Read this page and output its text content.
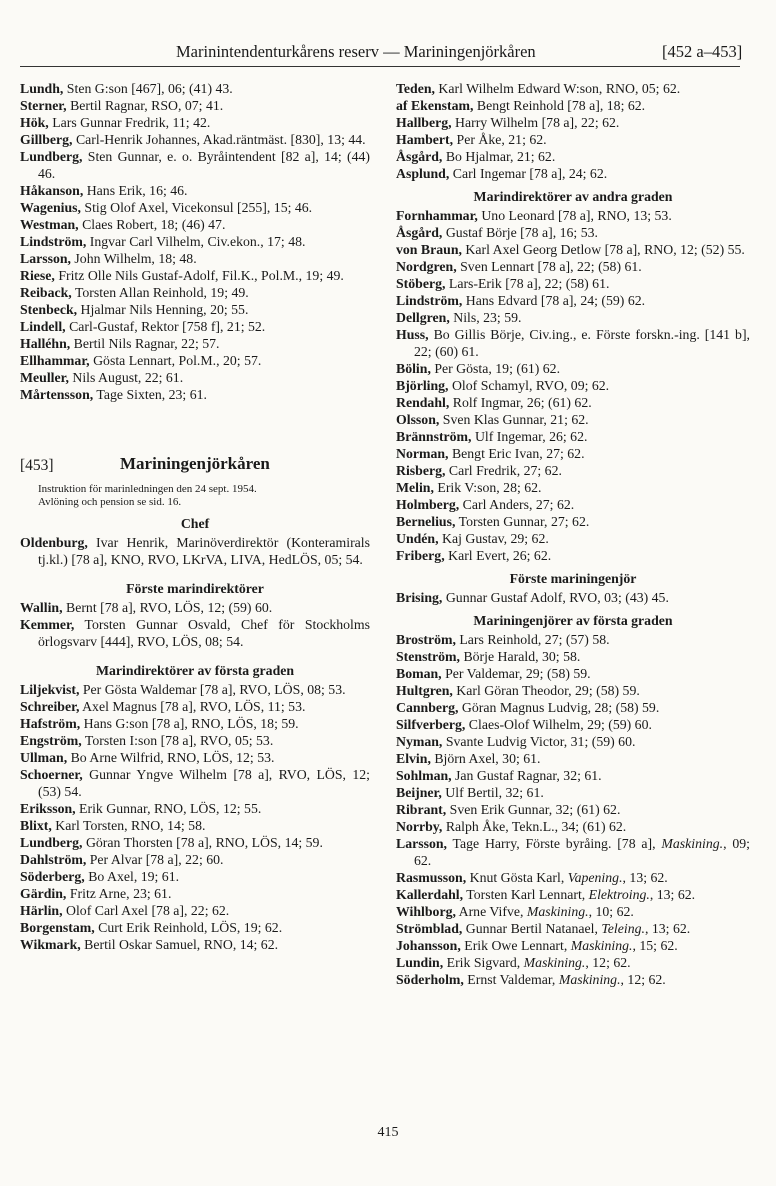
Marinintendenturkårens reserv — Mariningenjörkåren	[452 a–453]

Lundh, Sten G:son [467], 06; (41) 43.

Sterner, Bertil Ragnar, RSO, 07; 41.

Hök, Lars Gunnar Fredrik, 11; 42.

Gillberg, Carl-Henrik Johannes, Akad.räntmäst. [830], 13; 44.

Lundberg, Sten Gunnar, e. o. Byråintendent [82 a], 14; (44) 46.

Håkanson, Hans Erik, 16; 46.

Wagenius, Stig Olof Axel, Vicekonsul [255], 15; 46.

Westman, Claes Robert, 18; (46) 47.

Lindström, Ingvar Carl Vilhelm, Civ.ekon., 17; 48.

Larsson, John Wilhelm, 18; 48.

Riese, Fritz Olle Nils Gustaf-Adolf, Fil.K., Pol.M., 19; 49.

Reiback, Torsten Allan Reinhold, 19; 49.

Stenbeck, Hjalmar Nils Henning, 20; 55.

Lindell, Carl-Gustaf, Rektor [758 f], 21; 52.

Halléhn, Bertil Nils Ragnar, 22; 57.

Ellhammar, Gösta Lennart, Pol.M., 20; 57.

Meuller, Nils August, 22; 61.

Mårtensson, Tage Sixten, 23; 61.

[453]	Mariningenjörkåren
Instruktion för marinledningen den 24 sept. 1954.
Avlöning och pension se sid. 16.
Chef

Oldenburg, Ivar Henrik, Marinöverdirektör (Konteramirals tj.kl.) [78 a], KNO, RVO, LKrVA, LIVA, HedLÖS, 05; 54.

Förste marindirektörer

Wallin, Bernt [78 a], RVO, LÖS, 12; (59) 60.

Kemmer, Torsten Gunnar Osvald, Chef för Stockholms örlogsvarv [444], RVO, LÖS, 08; 54.

Marindirektörer av första graden

Liljekvist, Per Gösta Waldemar [78 a], RVO, LÖS, 08; 53.

Schreiber, Axel Magnus [78 a], RVO, LÖS, 11; 53.

Hafström, Hans G:son [78 a], RNO, LÖS, 18; 59.

Engström, Torsten I:son [78 a], RVO, 05; 53.

Ullman, Bo Arne Wilfrid, RNO, LÖS, 12; 53.

Schoerner, Gunnar Yngve Wilhelm [78 a], RVO, LÖS, 12; (53) 54.

Eriksson, Erik Gunnar, RNO, LÖS, 12; 55.

Blixt, Karl Torsten, RNO, 14; 58.

Lundberg, Göran Thorsten [78 a], RNO, LÖS, 14; 59.

Dahlström, Per Alvar [78 a], 22; 60.

Söderberg, Bo Axel, 19; 61.

Gärdin, Fritz Arne, 23; 61.

Härlin, Olof Carl Axel [78 a], 22; 62.

Borgenstam, Curt Erik Reinhold, LÖS, 19; 62.

Wikmark, Bertil Oskar Samuel, RNO, 14; 62.

Teden, Karl Wilhelm Edward W:son, RNO, 05; 62.

af Ekenstam, Bengt Reinhold [78 a], 18; 62.

Hallberg, Harry Wilhelm [78 a], 22; 62.

Hambert, Per Åke, 21; 62.

Åsgård, Bo Hjalmar, 21; 62.

Asplund, Carl Ingemar [78 a], 24; 62.

Marindirektörer av andra graden

Fornhammar, Uno Leonard [78 a], RNO, 13; 53.

Åsgård, Gustaf Börje [78 a], 16; 53.

von Braun, Karl Axel Georg Detlow [78 a], RNO, 12; (52) 55.

Nordgren, Sven Lennart [78 a], 22; (58) 61.

Stöberg, Lars-Erik [78 a], 22; (58) 61.

Lindström, Hans Edvard [78 a], 24; (59) 62.

Dellgren, Nils, 23; 59.

Huss, Bo Gillis Börje, Civ.ing., e. Förste forskn.-ing. [141 b], 22; (60) 61.

Bölin, Per Gösta, 19; (61) 62.

Björling, Olof Schamyl, RVO, 09; 62.

Rendahl, Rolf Ingmar, 26; (61) 62.

Olsson, Sven Klas Gunnar, 21; 62.

Brännström, Ulf Ingemar, 26; 62.

Norman, Bengt Eric Ivan, 27; 62.

Risberg, Carl Fredrik, 27; 62.

Melin, Erik V:son, 28; 62.

Holmberg, Carl Anders, 27; 62.

Bernelius, Torsten Gunnar, 27; 62.

Undén, Kaj Gustav, 29; 62.

Friberg, Karl Evert, 26; 62.

Förste mariningenjör

Brising, Gunnar Gustaf Adolf, RVO, 03; (43) 45.

Mariningenjörer av första graden

Broström, Lars Reinhold, 27; (57) 58.

Stenström, Börje Harald, 30; 58.

Boman, Per Valdemar, 29; (58) 59.

Hultgren, Karl Göran Theodor, 29; (58) 59.

Cannberg, Göran Magnus Ludvig, 28; (58) 59.

Silfverberg, Claes-Olof Wilhelm, 29; (59) 60.

Nyman, Svante Ludvig Victor, 31; (59) 60.

Elvin, Björn Axel, 30; 61.

Sohlman, Jan Gustaf Ragnar, 32; 61.

Beijner, Ulf Bertil, 32; 61.

Ribrant, Sven Erik Gunnar, 32; (61) 62.

Norrby, Ralph Åke, Tekn.L., 34; (61) 62.

Larsson, Tage Harry, Förste byråing. [78 a], Maskining., 09; 62.

Rasmusson, Knut Gösta Karl, Vapening., 13; 62.

Kallerdahl, Torsten Karl Lennart, Elektroing., 13; 62.

Wihlborg, Arne Vifve, Maskining., 10; 62.

Strömblad, Gunnar Bertil Natanael, Teleing., 13; 62.

Johansson, Erik Owe Lennart, Maskining., 15; 62.

Lundin, Erik Sigvard, Maskining., 12; 62.

Söderholm, Ernst Valdemar, Maskining., 12; 62.

415
